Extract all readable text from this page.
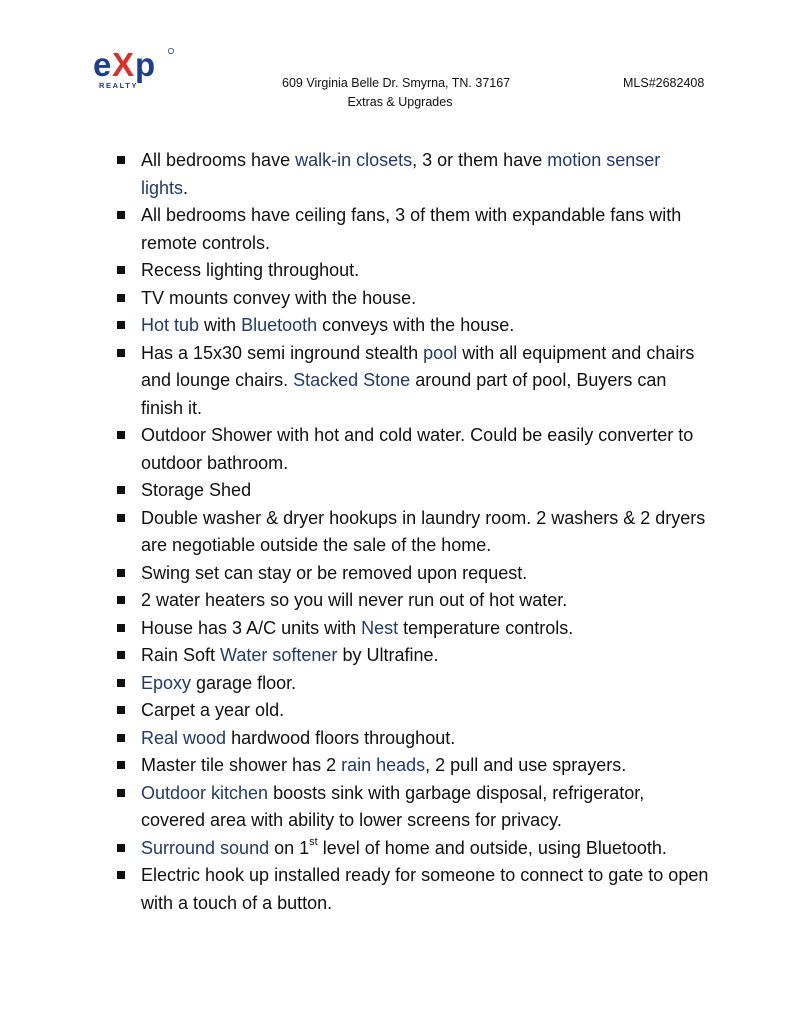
e X p
REALTY	609 Virginia Belle Dr. Smyrna, TN. 37167	MLS#2682408
Extras & Upgrades
All bedrooms have walk-in closets, 3 or them have motion senser lights.
All bedrooms have ceiling fans, 3 of them with expandable fans with remote controls.
Recess lighting throughout.
TV mounts convey with the house.
Hot tub with Bluetooth conveys with the house.
Has a 15x30 semi inground stealth pool with all equipment and chairs and lounge chairs. Stacked Stone around part of pool, Buyers can finish it.
Outdoor Shower with hot and cold water. Could be easily converter to outdoor bathroom.
Storage Shed
Double washer & dryer hookups in laundry room. 2 washers & 2 dryers are negotiable outside the sale of the home.
Swing set can stay or be removed upon request.
2 water heaters so you will never run out of hot water.
House has 3 A/C units with Nest temperature controls.
Rain Soft Water softener by Ultrafine.
Epoxy garage floor.
Carpet a year old.
Real wood hardwood floors throughout.
Master tile shower has 2 rain heads, 2 pull and use sprayers.
Outdoor kitchen boosts sink with garbage disposal, refrigerator, covered area with ability to lower screens for privacy.
Surround sound on 1st level of home and outside, using Bluetooth.
Electric hook up installed ready for someone to connect to gate to open with a touch of a button.
